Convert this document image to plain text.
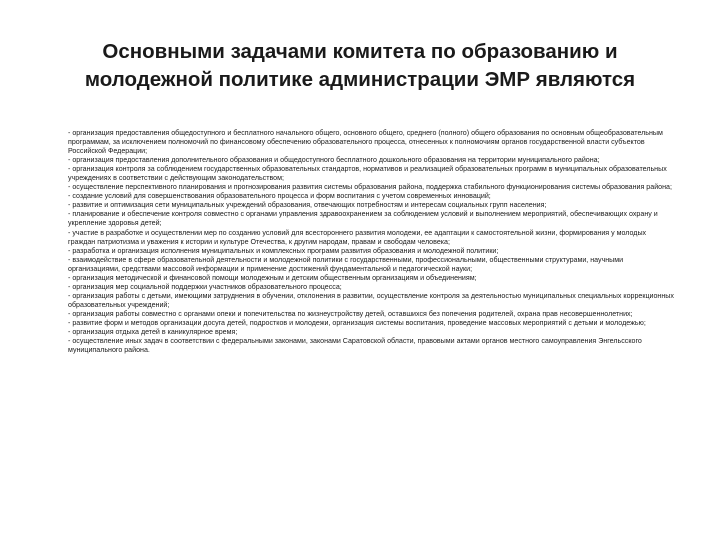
Основными задачами комитета по образованию и
молодежной политике администрации ЭМР являются

- организация предоставления общедоступного и бесплатного начального общего, основного общего, среднего (полного) общего образования по основным общеобразовательным программам, за исключением полномочий по финансовому обеспечению образовательного процесса, отнесенных к полномочиям органов государственной власти субъектов Российской Федерации;

- организация предоставления дополнительного образования и общедоступного бесплатного дошкольного образования на территории муниципального района;

- организация контроля за соблюдением государственных образовательных стандартов, нормативов и реализацией образовательных программ в муниципальных образовательных учреждениях в соответствии с действующим законодательством;

- осуществление перспективного планирования и прогнозирования развития системы образования района, поддержка стабильного функционирования системы образования района;

- создание условий для совершенствования образовательного процесса и форм воспитания с учетом современных инноваций;

- развитие и оптимизация сети муниципальных учреждений образования, отвечающих потребностям и интересам социальных групп населения;

- планирование и обеспечение контроля совместно с органами управления здравоохранением за соблюдением условий и выполнением мероприятий, обеспечивающих охрану и укрепление здоровья детей;

- участие в разработке и осуществлении мер по созданию условий для всестороннего развития молодежи, ее адаптации к самостоятельной жизни, формирования у молодых граждан патриотизма и уважения к истории и культуре Отечества, к другим народам, правам и свободам человека;

- разработка и организация исполнения муниципальных и комплексных программ развития образования и молодежной политики;

- взаимодействие в сфере образовательной деятельности и молодежной политики с государственными, профессиональными, общественными структурами, научными организациями, средствами массовой информации и применение достижений фундаментальной и педагогической науки;

- организация методической и финансовой помощи молодежным и детским общественным организациям и объединениям;

- организация мер социальной поддержки участников образовательного процесса;

- организация работы с детьми, имеющими затруднения в обучении, отклонения в развитии, осуществление контроля за деятельностью муниципальных специальных коррекционных образовательных учреждений;

- организация работы совместно с органами опеки и попечительства по жизнеустройству детей, оставшихся без попечения родителей, охрана прав несовершеннолетних;

- развитие форм и методов организации досуга детей, подростков и молодежи, организация системы воспитания, проведение массовых мероприятий с детьми и молодежью;

- организация отдыха детей в каникулярное время;

- осуществление иных задач в соответствии с федеральными законами, законами Саратовской области, правовыми актами органов местного самоуправления Энгельсского муниципального района.
